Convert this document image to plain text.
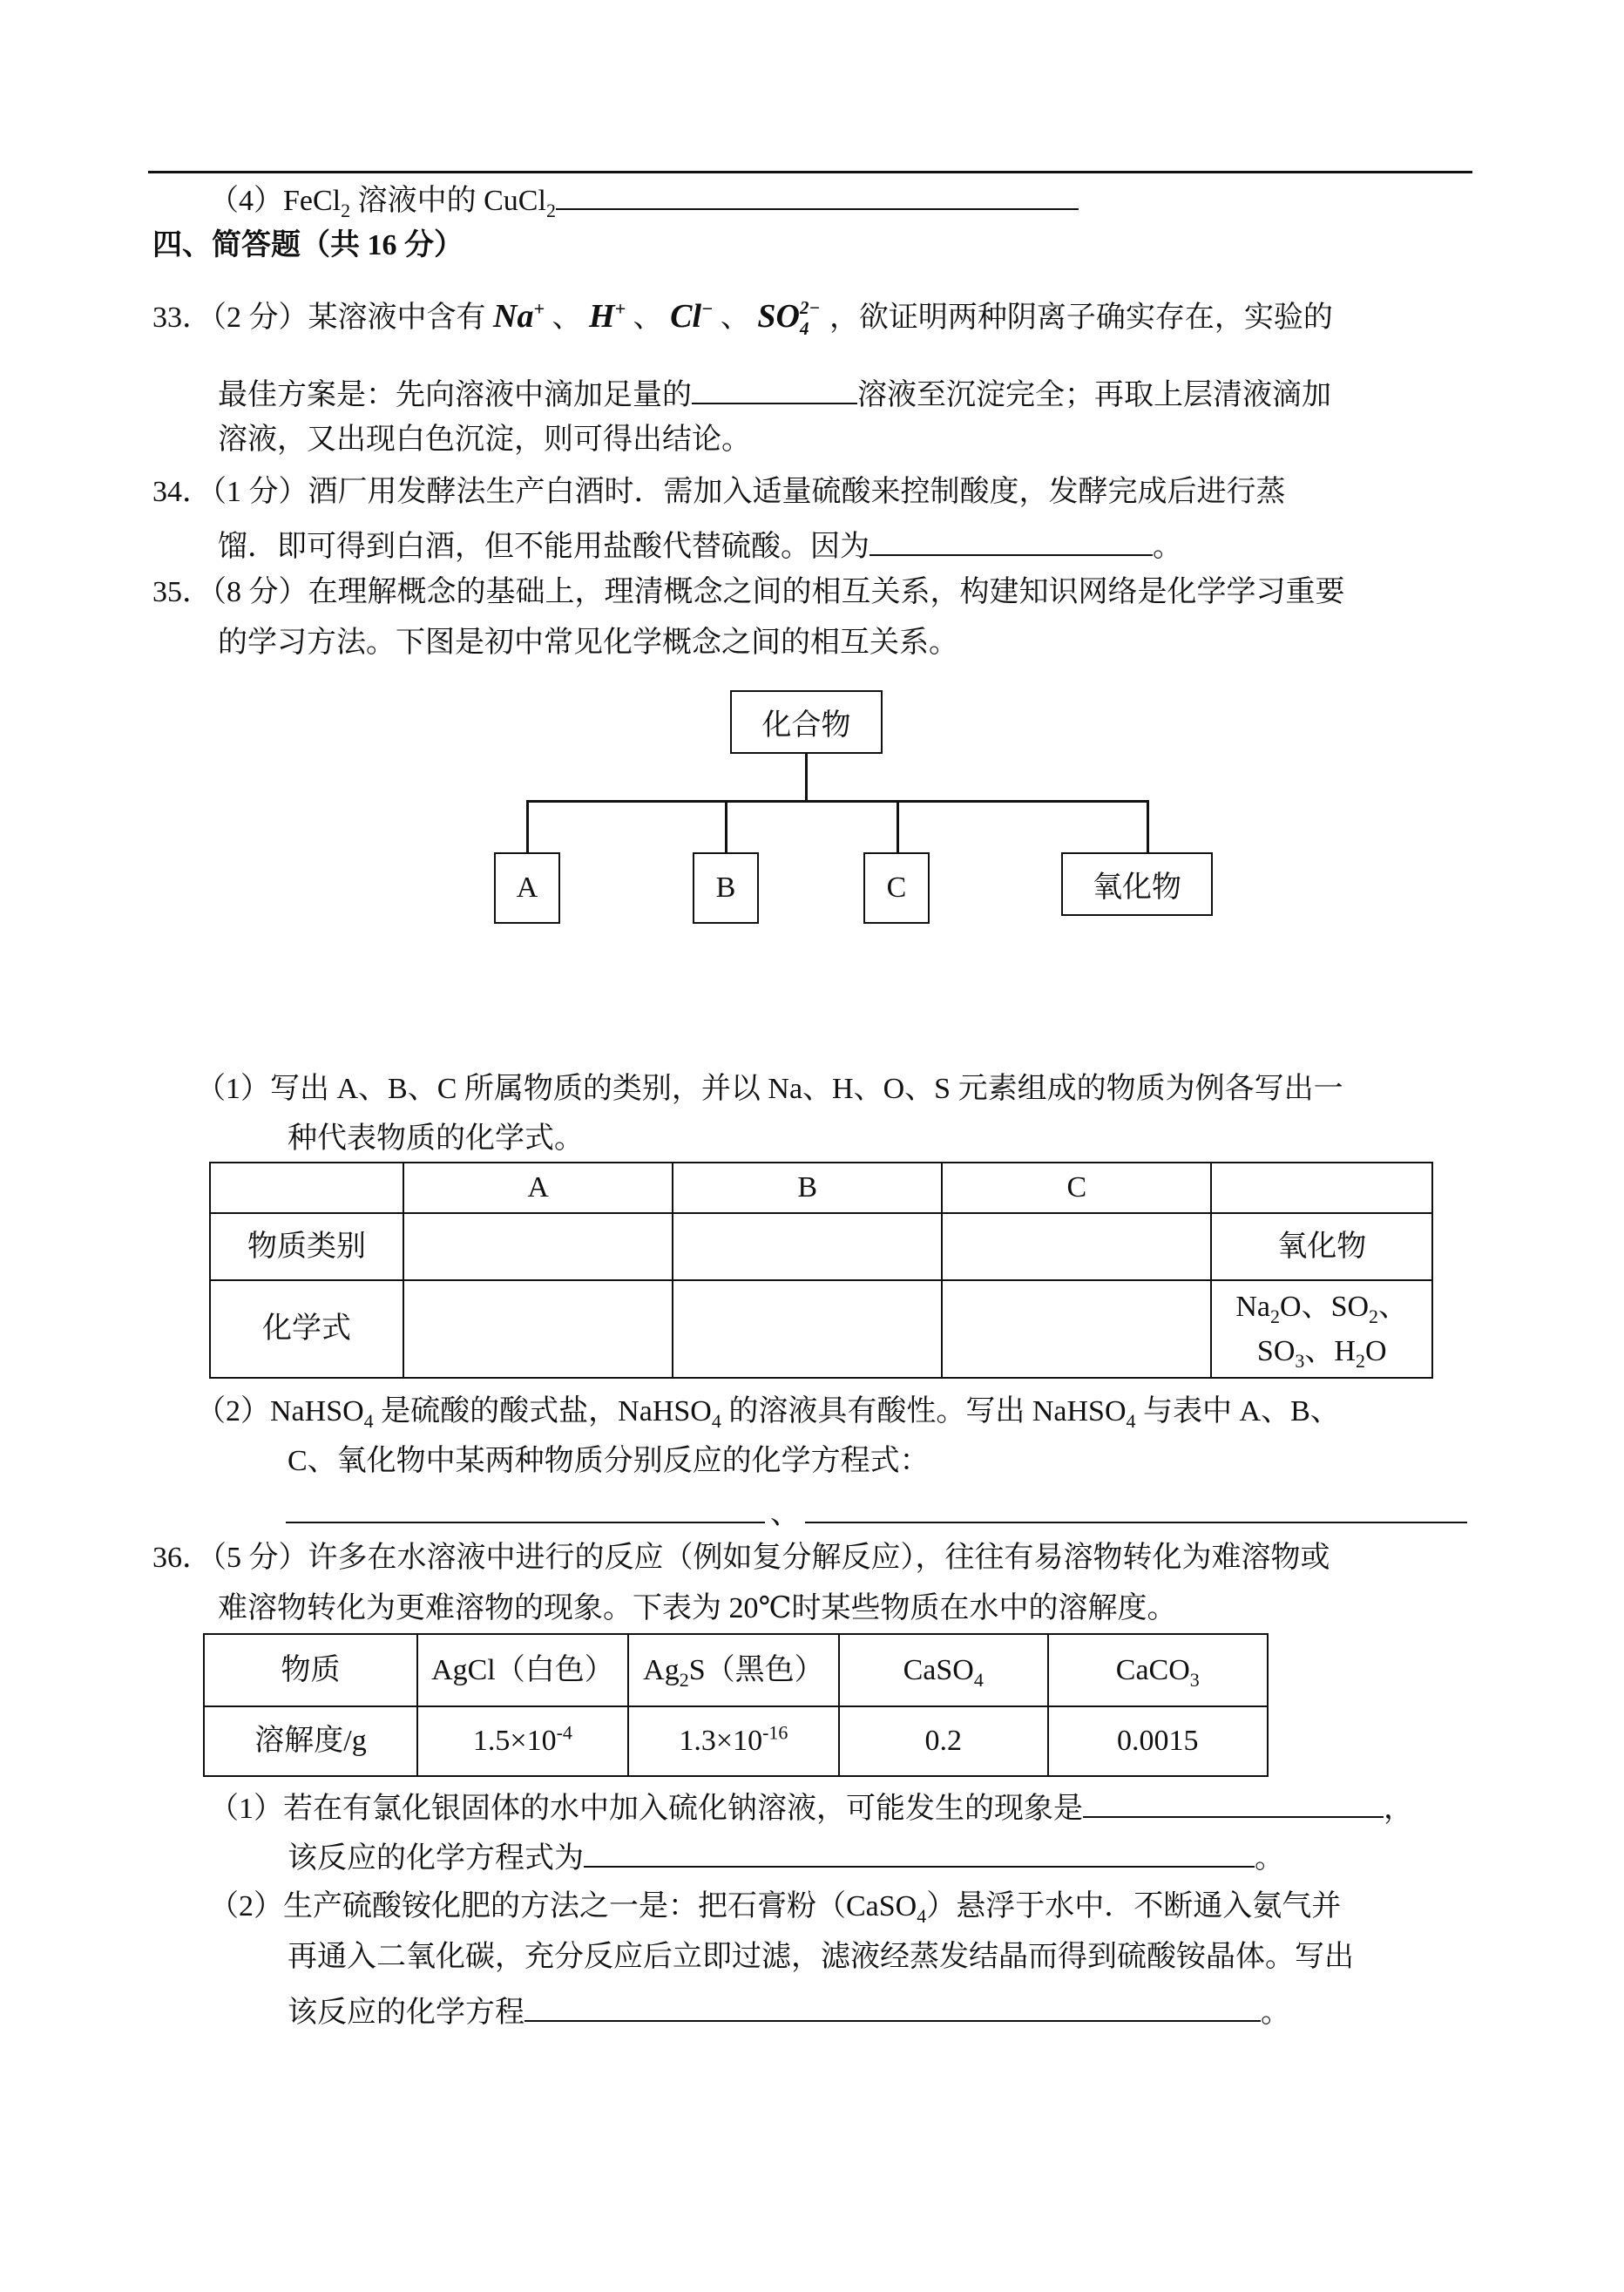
（4）FeCl$_2$ 溶液中的 CuCl$_2$
四、简答题（共 16 分）
33．（2 分）某溶液中含有 Na+ 、 H+ 、 Cl− 、 SO 2−
4 ，欲证明两种阴离子确实存在，实验的
最佳方案是：先向溶液中滴加足量的	溶液至沉淀完全；再取上层清液滴加
溶液，又出现白色沉淀，则可得出结论。
34．（1 分）酒厂用发酵法生产白酒时．需加入适量硫酸来控制酸度，发酵完成后进行蒸
馏．即可得到白酒，但不能用盐酸代替硫酸。因为	。
35．（8 分）在理解概念的基础上，理清概念之间的相互关系，构建知识网络是化学学习重要
的学习方法。下图是初中常见化学概念之间的相互关系。
化合物
A	B	C	氧化物
（1）写出 A、B、C 所属物质的类别，并以 Na、H、O、S 元素组成的物质为例各写出一
种代表物质的化学式。
	A	B	C	
物质类别				氧化物
化学式				$Na_2O$、$SO_2$、
$SO_3$、$H_2O$
（2）NaHSO$_4$ 是硫酸的酸式盐，NaHSO$_4$ 的溶液具有酸性。写出 NaHSO$_4$ 与表中 A、B、
C、氧化物中某两种物质分别反应的化学方程式：
、
36．（5 分）许多在水溶液中进行的反应（例如复分解反应），往往有易溶物转化为难溶物或
难溶物转化为更难溶物的现象。下表为 20℃时某些物质在水中的溶解度。
物质	AgCl（白色）	$Ag_2S$（黑色）	CaSO$_4$	CaCO$_3$
溶解度/g	$1.5\times 10^{-4}$	$1.3\times 10^{-16}$	0.2	0.0015
（1）若在有氯化银固体的水中加入硫化钠溶液，可能发生的现象是	，
该反应的化学方程式为	。
（2）生产硫酸铵化肥的方法之一是：把石膏粉（CaSO$_4$）悬浮于水中．不断通入氨气并
再通入二氧化碳，充分反应后立即过滤，滤液经蒸发结晶而得到硫酸铵晶体。写出
该反应的化学方程	。
